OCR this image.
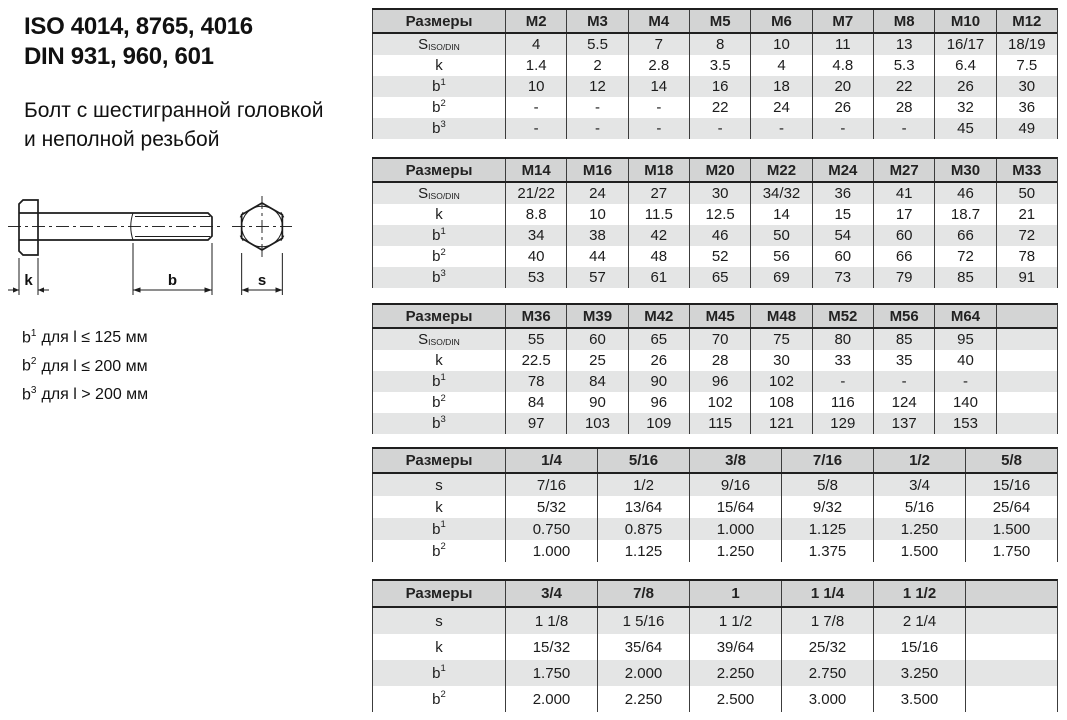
ISO 4014, 8765, 4016
DIN 931, 960, 601
Болт с шестигранной головкой
и неполной резьбой
k	b	s
$b^1$ для l ≤ 125 мм
$b^2$ для l ≤ 200 мм
$b^3$ для l > 200 мм
Размеры	M2	M3	M4	M5	M6	M7	M8	M10	M12
$S_{ISO/DIN}$	4	5.5	7	8	10	11	13	16/17	18/19
k	1.4	2	2.8	3.5	4	4.8	5.3	6.4	7.5
$b^1$	10	12	14	16	18	20	22	26	30
$b^2$	-	-	-	22	24	26	28	32	36
$b^3$	-	-	-	-	-	-	-	45	49
Размеры	M14	M16	M18	M20	M22	M24	M27	M30	M33
$S_{ISO/DIN}$	21/22	24	27	30	34/32	36	41	46	50
k	8.8	10	11.5	12.5	14	15	17	18.7	21
$b^1$	34	38	42	46	50	54	60	66	72
$b^2$	40	44	48	52	56	60	66	72	78
$b^3$	53	57	61	65	69	73	79	85	91
Размеры	M36	M39	M42	M45	M48	M52	M56	M64
$S_{ISO/DIN}$	55	60	65	70	75	80	85	95
k	22.5	25	26	28	30	33	35	40
$b^1$	78	84	90	96	102	-	-	-
$b^2$	84	90	96	102	108	116	124	140
$b^3$	97	103	109	115	121	129	137	153
Размеры	1/4	5/16	3/8	7/16	1/2	5/8
s	7/16	1/2	9/16	5/8	3/4	15/16
k	5/32	13/64	15/64	9/32	5/16	25/64
$b^1$	0.750	0.875	1.000	1.125	1.250	1.500
$b^2$	1.000	1.125	1.250	1.375	1.500	1.750
Размеры	3/4	7/8	1	1 1/4	1 1/2
s	1 1/8	1 5/16	1 1/2	1 7/8	2 1/4
k	15/32	35/64	39/64	25/32	15/16
$b^1$	1.750	2.000	2.250	2.750	3.250
$b^2$	2.000	2.250	2.500	3.000	3.500
